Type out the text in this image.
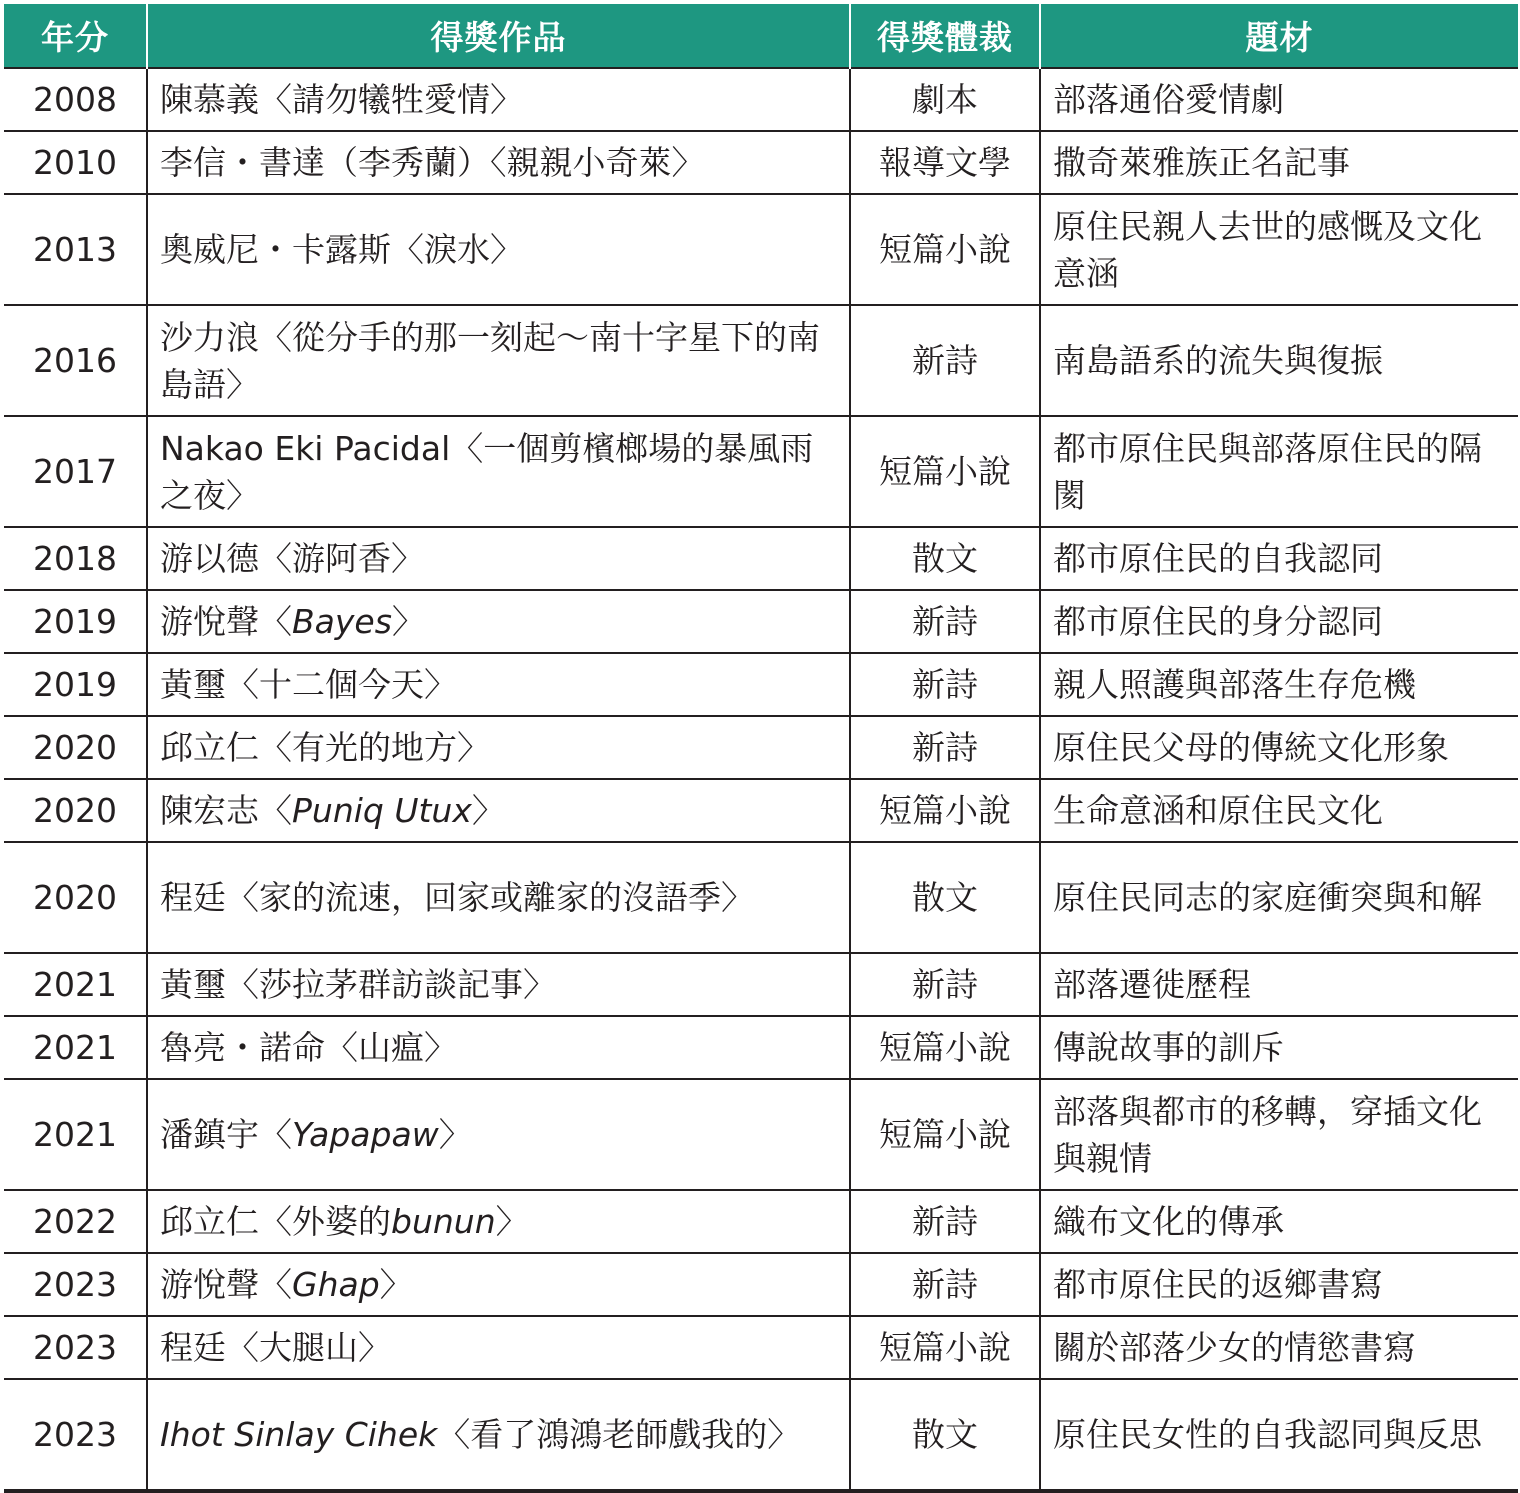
年分	得獎作品	得獎體裁	題材
2008	陳慕義〈請勿犧牲愛情〉	劇本	部落通俗愛情劇
2010	李信・書達（李秀蘭）〈親親小奇萊〉	報導文學	撒奇萊雅族正名記事
2013	奧威尼・卡露斯〈淚水〉	短篇小說	原住民親人去世的感慨及文化意涵
2016	沙力浪〈從分手的那一刻起～南十字星下的南島語〉	新詩	南島語系的流失與復振
2017	Nakao Eki Pacidal〈一個剪檳榔場的暴風雨之夜〉	短篇小說	都市原住民與部落原住民的隔閡
2018	游以德〈游阿香〉	散文	都市原住民的自我認同
2019	游悅聲〈Bayes〉	新詩	都市原住民的身分認同
2019	黃璽〈十二個今天〉	新詩	親人照護與部落生存危機
2020	邱立仁〈有光的地方〉	新詩	原住民父母的傳統文化形象
2020	陳宏志〈Puniq Utux〉	短篇小說	生命意涵和原住民文化
2020	程廷〈家的流速，回家或離家的沒語季〉	散文	原住民同志的家庭衝突與和解
2021	黃璽〈莎拉茅群訪談記事〉	新詩	部落遷徙歷程
2021	魯亮・諾命〈山瘟〉	短篇小說	傳說故事的訓斥
2021	潘鎮宇〈Yapapaw〉	短篇小說	部落與都市的移轉，穿插文化與親情
2022	邱立仁〈外婆的bunun〉	新詩	織布文化的傳承
2023	游悅聲〈Ghap〉	新詩	都市原住民的返鄉書寫
2023	程廷〈大腿山〉	短篇小說	關於部落少女的情慾書寫
2023	Ihot Sinlay Cihek〈看了鴻鴻老師戲我的〉	散文	原住民女性的自我認同與反思
